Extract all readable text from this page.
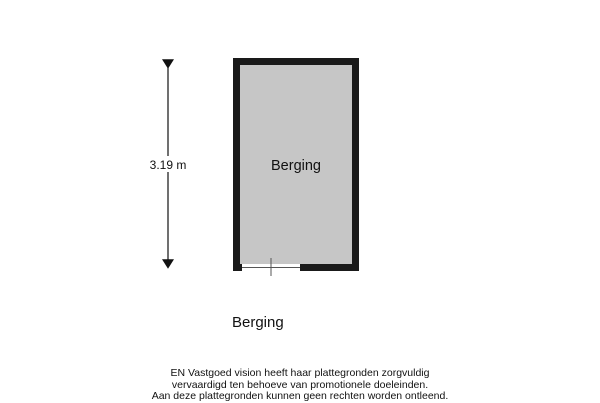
Berging
3.19 m
Berging
EN Vastgoed vision heeft haar plattegronden zorgvuldig
vervaardigd ten behoeve van promotionele doeleinden.
Aan deze plattegronden kunnen geen rechten worden ontleend.
